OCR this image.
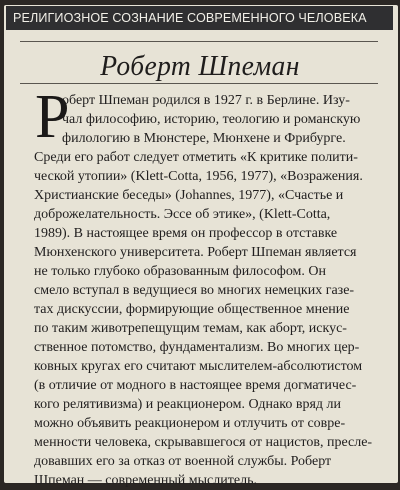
РЕЛИГИОЗНОЕ СОЗНАНИЕ СОВРЕМЕННОГО ЧЕЛОВЕКА
Роберт Шпеман
Р
оберт Шпеман родился в 1927 г. в Берлине. Изу-
чал философию, историю, теологию и романскую
филологию в Мюнстере, Мюнхене и Фрибурге.
Среди его работ следует отметить «К критике полити-
ческой утопии» (Klett-Cotta, 1956, 1977), «Возражения.
Христианские беседы» (Johannes, 1977), «Счастье и
доброжелательность. Эссе об этике», (Klett-Cotta,
1989). В настоящее время он профессор в отставке
Мюнхенского университета. Роберт Шпеман является
не только глубоко образованным философом. Он
смело вступал в ведущиеся во многих немецких газе-
тах дискуссии, формирующие общественное мнение
по таким животрепещущим темам, как аборт, искус-
ственное потомство, фундаментализм. Во многих цер-
ковных кругах его считают мыслителем-абсолютистом
(в отличие от модного в настоящее время догматичес-
кого релятивизма) и реакционером. Однако вряд ли
можно объявить реакционером и отлучить от совре-
менности человека, скрывавшегося от нацистов, пресле-
довавших его за отказ от военной службы. Роберт
Шпеман — современный мыслитель.
